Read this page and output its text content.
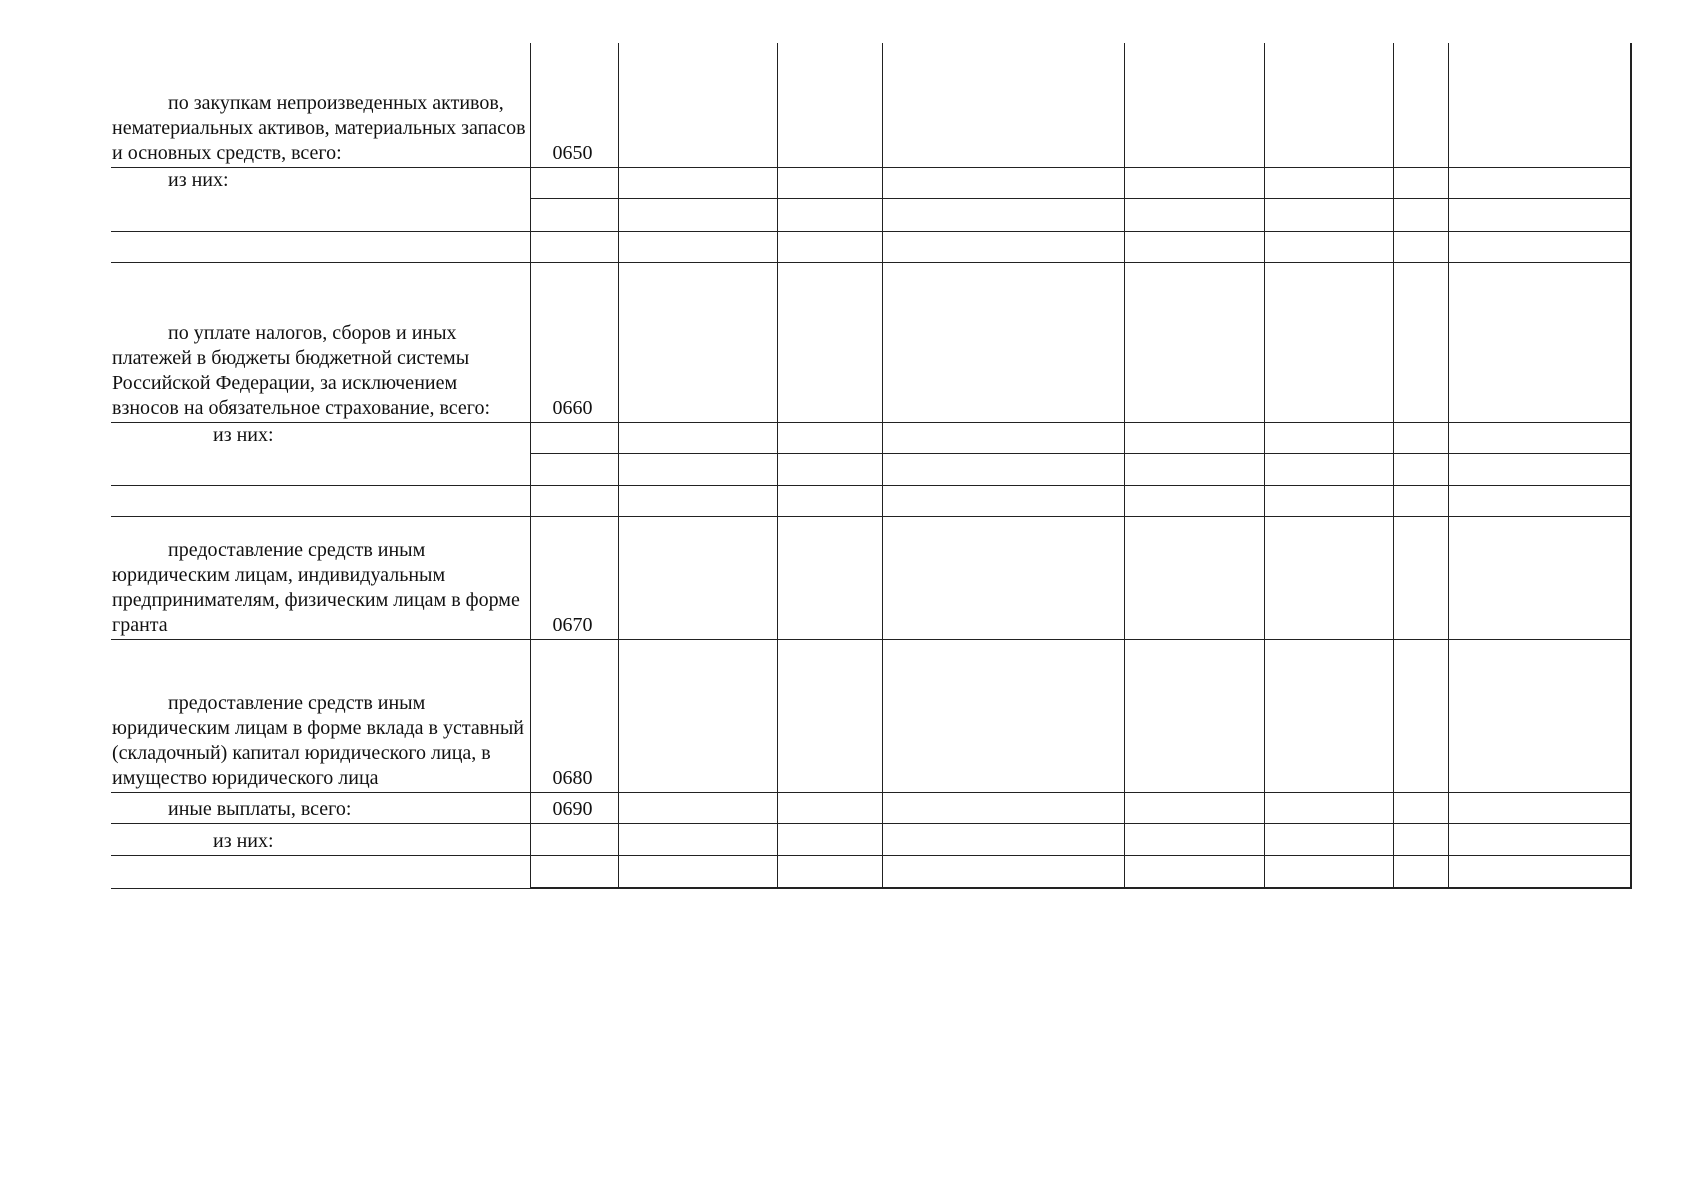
по закупкам непроизведенных активов, нематериальных активов, материальных запасов и основных средств, всего:	0650							

из них:								

по уплате налогов, сборов и иных платежей в бюджеты бюджетной системы Российской Федерации, за исключением взносов на обязательное страхование, всего:	0660							

из них:								

предоставление средств иным юридическим лицам, индивидуальным предпринимателям, физическим лицам в форме гранта	0670							

предоставление средств иным юридическим лицам в форме вклада в уставный (складочный) капитал юридического лица, в имущество юридического лица	0680							

иные выплаты, всего:	0690							

из них:								
